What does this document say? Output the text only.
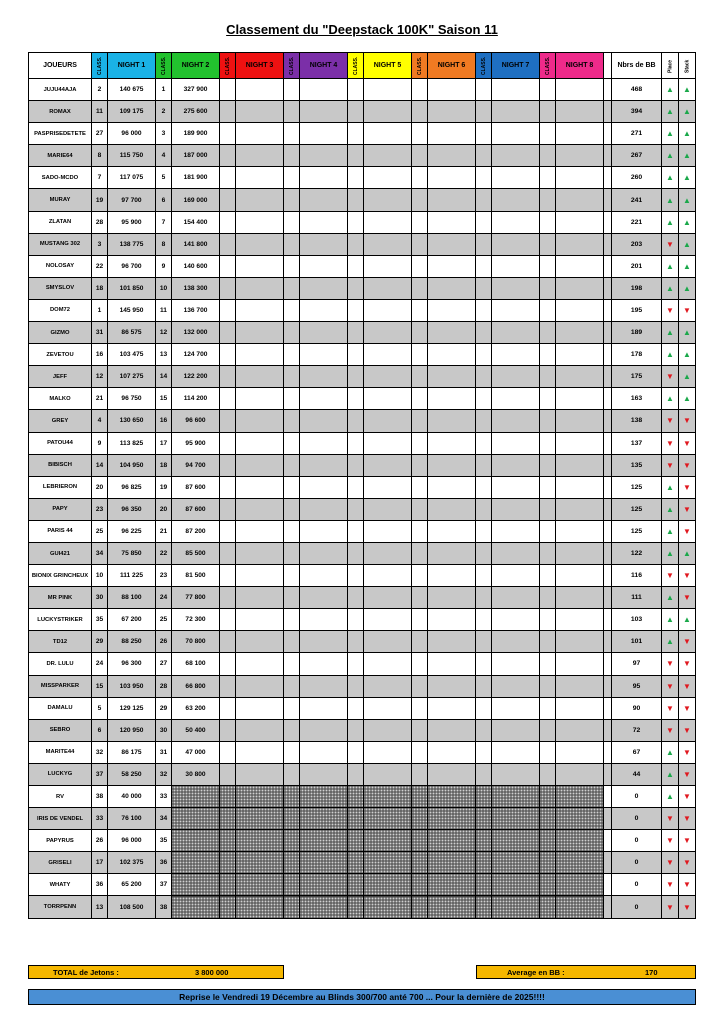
Classement du "Deepstack 100K" Saison 11
JOUEURS	CLASS.	NIGHT 1	CLASS.	NIGHT 2	CLASS.	NIGHT 3	CLASS.	NIGHT 4	CLASS.	NIGHT 5	CLASS.	NIGHT 6	CLASS.	NIGHT 7	CLASS.	NIGHT 8		Nbrs de BB	Place	Stack
JUJU44AJA	2	140 675	1	327 900														468	▲	▲
ROMAX	11	109 175	2	275 600														394	▲	▲
PASPRISEDETETE	27	96 000	3	189 900														271	▲	▲
MARIE64	8	115 750	4	187 000														267	▲	▲
SADO-MCDO	7	117 075	5	181 900														260	▲	▲
MURAY	19	97 700	6	169 000														241	▲	▲
ZLATAN	28	95 900	7	154 400														221	▲	▲
MUSTANG 302	3	138 775	8	141 800														203	▼	▲
NOLOSAY	22	96 700	9	140 600														201	▲	▲
SMYSLOV	18	101 850	10	138 300														198	▲	▲
DOM72	1	145 950	11	136 700														195	▼	▼
GIZMO	31	86 575	12	132 000														189	▲	▲
ZEVETOU	16	103 475	13	124 700														178	▲	▲
JEFF	12	107 275	14	122 200														175	▼	▲
MALKO	21	96 750	15	114 200														163	▲	▲
GREY	4	130 650	16	96 600														138	▼	▼
PATOU44	9	113 825	17	95 900														137	▼	▼
BIBISCH	14	104 950	18	94 700														135	▼	▼
LEBRIERON	20	96 825	19	87 600														125	▲	▼
PAPY	23	96 350	20	87 600														125	▲	▼
PARIS 44	25	96 225	21	87 200														125	▲	▼
GUI421	34	75 850	22	85 500														122	▲	▲
BIONIX GRINCHEUX	10	111 225	23	81 500														116	▼	▼
MR PINK	30	88 100	24	77 800														111	▲	▼
LUCKYSTRIKER	35	67 200	25	72 300														103	▲	▲
TD12	29	88 250	26	70 800														101	▲	▼
DR. LULU	24	96 300	27	68 100														97	▼	▼
MISSPARKER	15	103 950	28	66 800														95	▼	▼
DAMALU	5	129 125	29	63 200														90	▼	▼
SEBRO	6	120 950	30	50 400														72	▼	▼
MARITE44	32	86 175	31	47 000														67	▲	▼
LUCKYG	37	58 250	32	30 800														44	▲	▼
RV	38	40 000	33															0	▲	▼
IRIS DE VENDEL	33	76 100	34															0	▼	▼
PAPYRUS	26	96 000	35															0	▼	▼
GRISELI	17	102 375	36															0	▼	▼
WHATY	36	65 200	37															0	▼	▼
TORRPENN	13	108 500	38															0	▼	▼
TOTAL de Jetons :	3 800 000	Average en BB :	170
Reprise le Vendredi 19 Décembre au Blinds 300/700 anté 700 ... Pour la dernière de 2025!!!!
